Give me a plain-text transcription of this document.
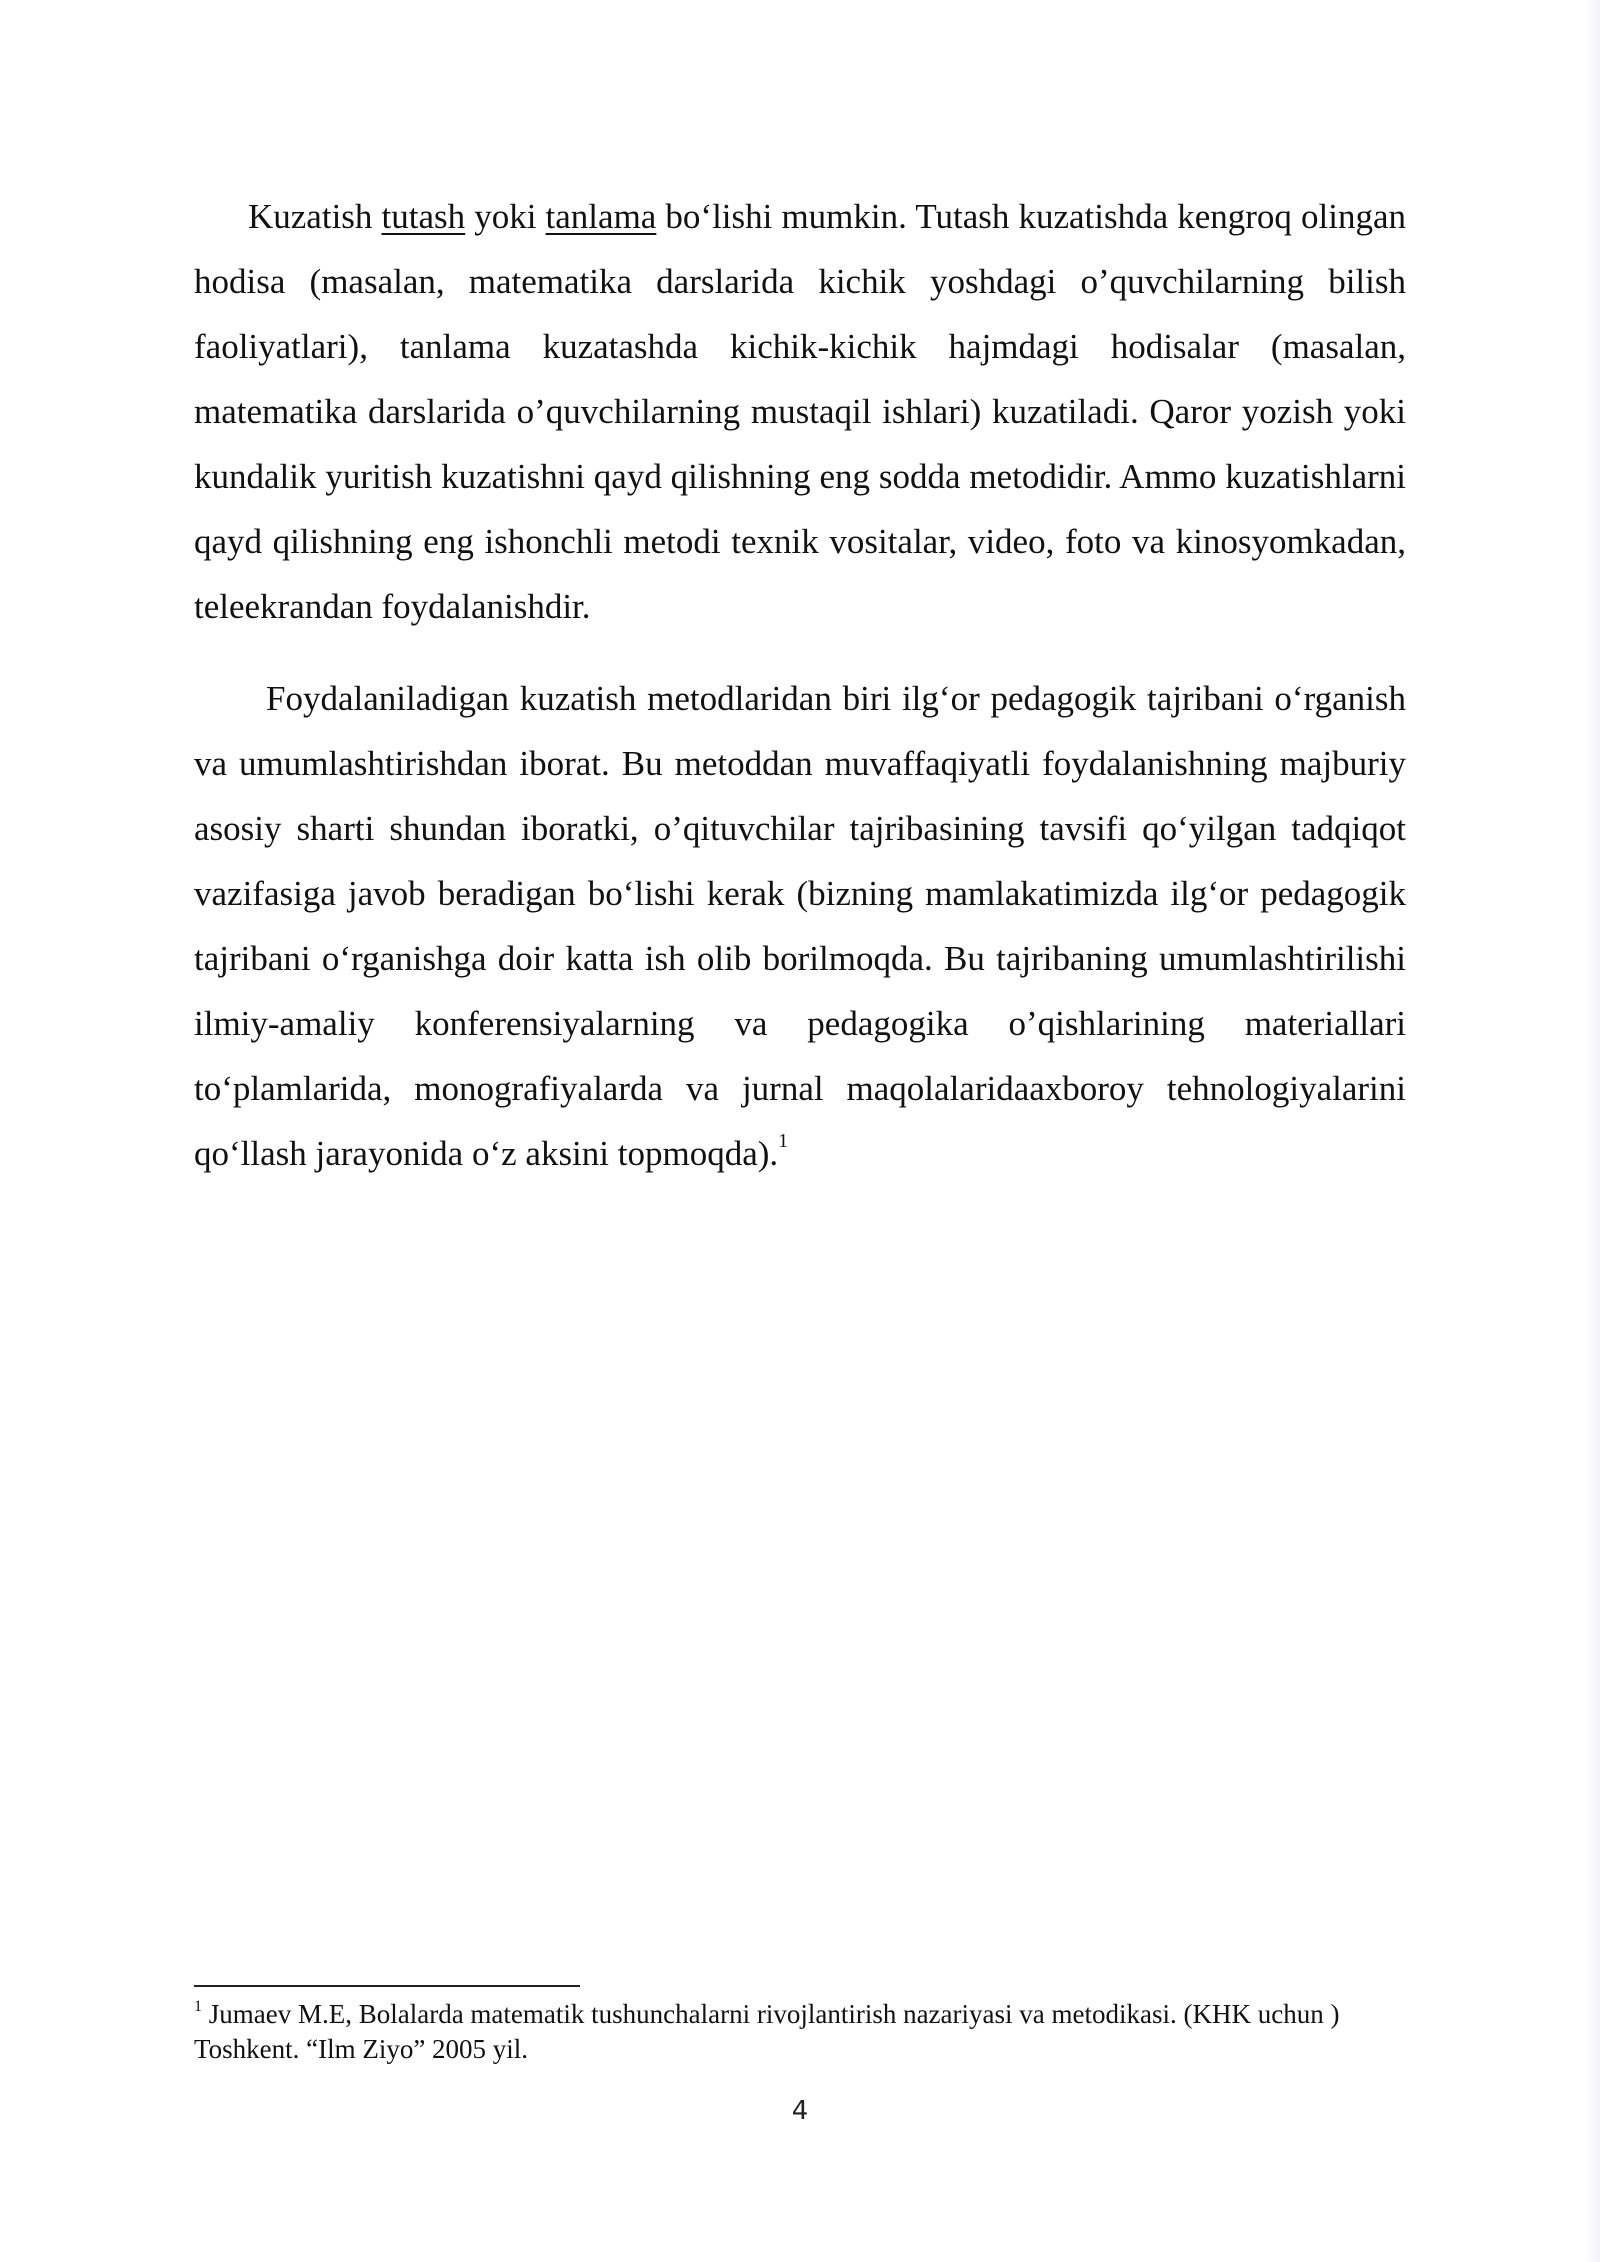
Kuzatish tutash yoki tanlama bo‘lishi mumkin. Tutash kuzatishda kengroq olingan hodisa (masalan, matematika darslarida kichik yoshdagi o’quvchilarning bilish faoliyatlari), tanlama kuzatashda kichik-kichik hajmdagi hodisalar (masalan, matematika darslarida o’quvchilarning mustaqil ishlari) kuzatiladi. Qaror yozish yoki kundalik yuritish kuzatishni qayd qilishning eng sodda metodidir. Ammo kuzatishlarni qayd qilishning eng ishonchli metodi texnik vositalar, video, foto va kinosyomkadan, teleekrandan foydalanishdir.

Foydalaniladigan kuzatish metodlaridan biri ilg‘or pedagogik tajribani o‘rganish va umumlashtirishdan iborat. Bu metoddan muvaffaqiyatli foydalanishning majburiy asosiy sharti shundan iboratki, o’qituvchilar tajribasining tavsifi qo‘yilgan tadqiqot vazifasiga javob beradigan bo‘lishi kerak (bizning mamlakatimizda ilg‘or pedagogik tajribani o‘rganishga doir katta ish olib borilmoqda. Bu tajribaning umumlashtirilishi ilmiy-amaliy konferensiyalarning va pedagogika o’qishlarining materiallari to‘plamlarida, monografiyalarda va jurnal maqolalaridaaxboroy tehnologiyalarini qo‘llash jarayonida o‘z aksini topmoqda).$^1$

$^1$ Jumaev M.E, Bolalarda matematik tushunchalarni rivojlantirish nazariyasi va metodikasi. (KHK uchun ) Toshkent. “Ilm Ziyo” 2005 yil.

4
